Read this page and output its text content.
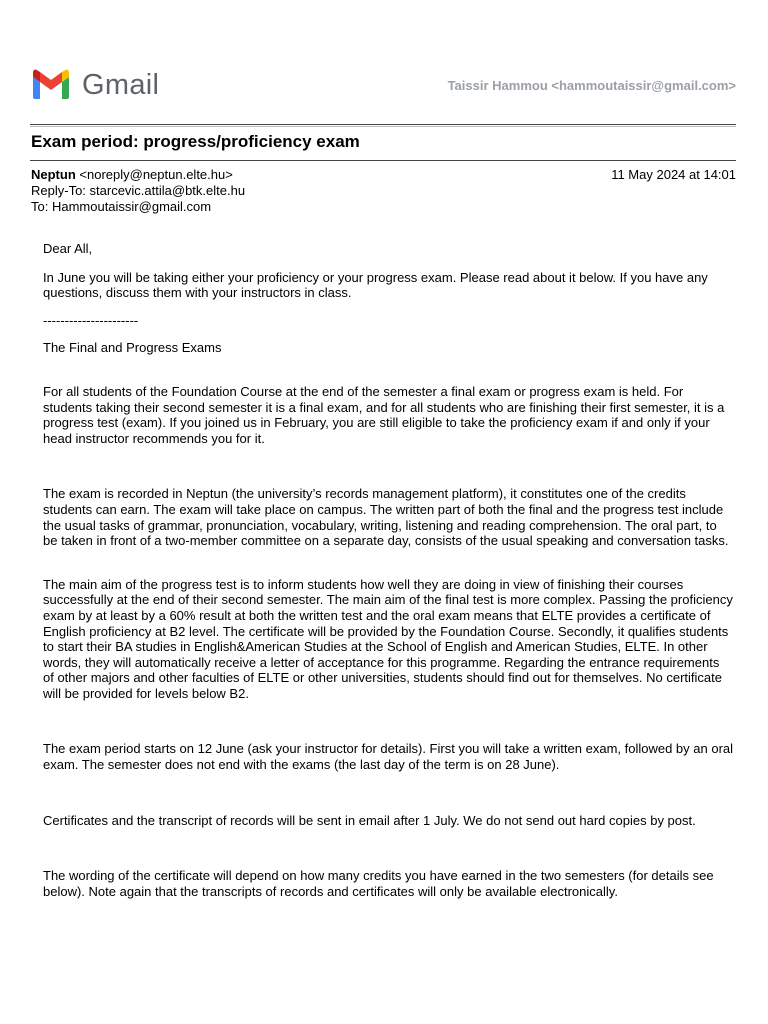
Gmail	Taissir Hammou <hammoutaissir@gmail.com>
Exam period: progress/proficiency exam
Neptun <noreply@neptun.elte.hu>	11 May 2024 at 14:01
Reply-To: starcevic.attila@btk.elte.hu
To: Hammoutaissir@gmail.com

Dear All,

In June you will be taking either your proficiency or your progress exam. Please read about it below. If you have any questions, discuss them with your instructors in class.

----------------------

The Final and Progress Exams

For all students of the Foundation Course at the end of the semester a final exam or progress exam is held. For students taking their second semester it is a final exam, and for all students who are finishing their first semester, it is a progress test (exam). If you joined us in February, you are still eligible to take the proficiency exam if and only if your head instructor recommends you for it.

The exam is recorded in Neptun (the university’s records management platform), it constitutes one of the credits students can earn. The exam will take place on campus. The written part of both the final and the progress test include the usual tasks of grammar, pronunciation, vocabulary, writing, listening and reading comprehension. The oral part, to be taken in front of a two-member committee on a separate day, consists of the usual speaking and conversation tasks.

The main aim of the progress test is to inform students how well they are doing in view of finishing their courses successfully at the end of their second semester. The main aim of the final test is more complex. Passing the proficiency exam by at least by a 60% result at both the written test and the oral exam means that ELTE provides a certificate of English proficiency at B2 level. The certificate will be provided by the Foundation Course. Secondly, it qualifies students to start their BA studies in English&American Studies at the School of English and American Studies, ELTE. In other words, they will automatically receive a letter of acceptance for this programme. Regarding the entrance requirements of other majors and other faculties of ELTE or other universities, students should find out for themselves. No certificate will be provided for levels below B2.

The exam period starts on 12 June (ask your instructor for details). First you will take a written exam, followed by an oral exam. The semester does not end with the exams (the last day of the term is on 28 June).

Certificates and the transcript of records will be sent in email after 1 July. We do not send out hard copies by post.

The wording of the certificate will depend on how many credits you have earned in the two semesters (for details see below). Note again that the transcripts of records and certificates will only be available electronically.
